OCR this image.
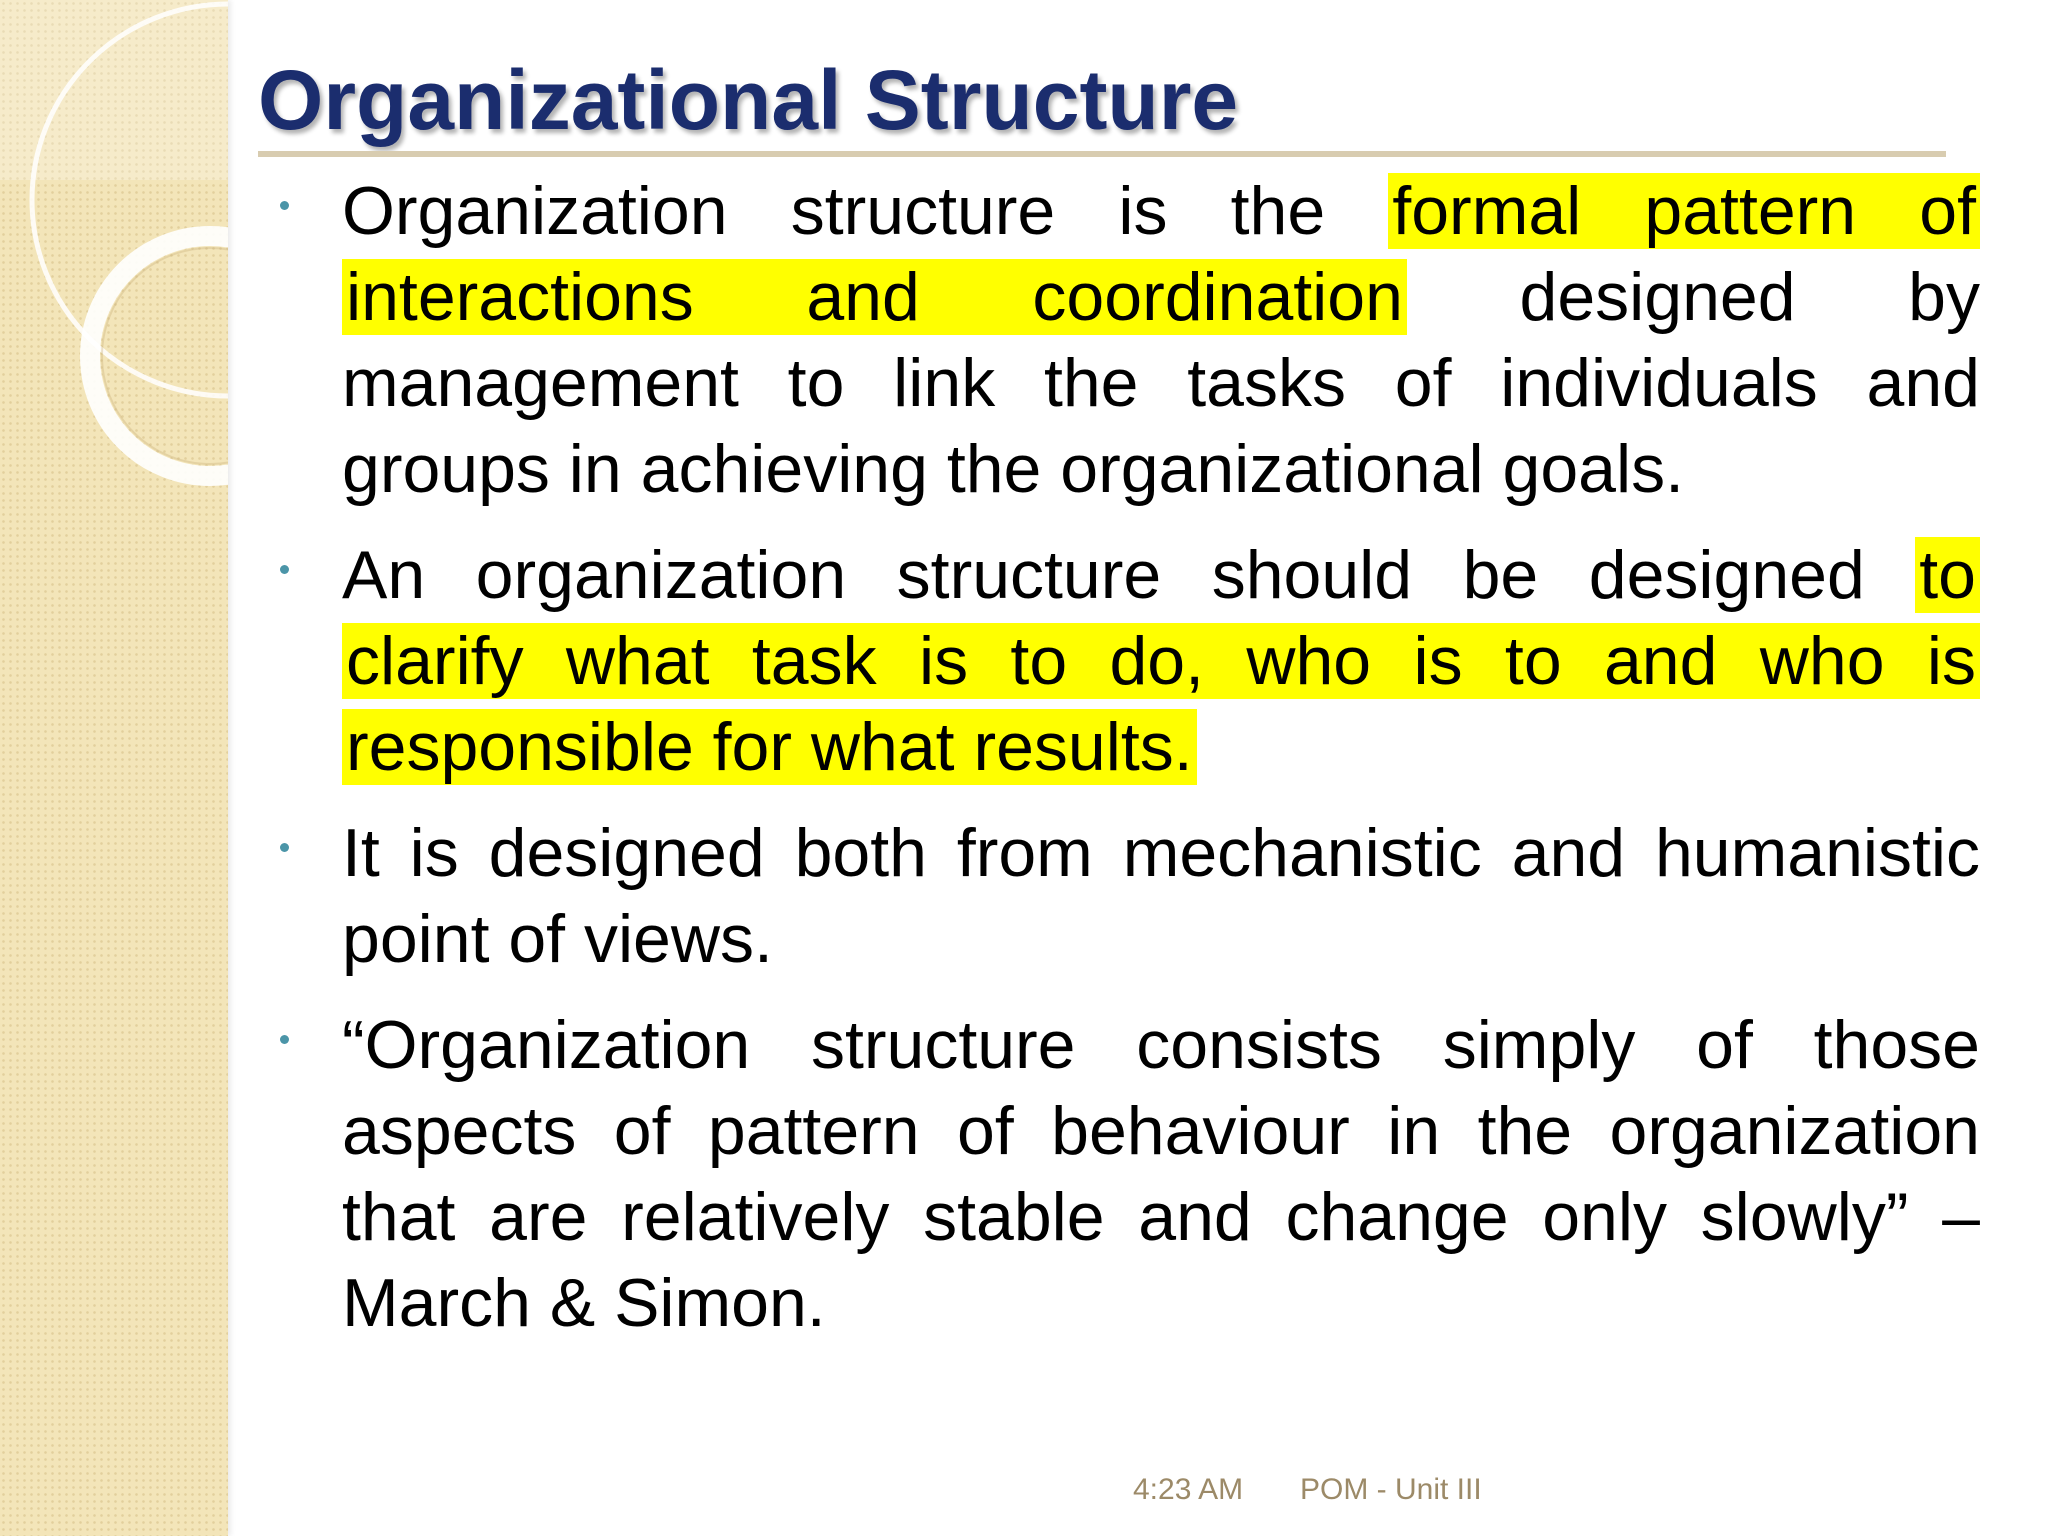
Organizational Structure

Organization structure is the formal pattern of interactions and coordination designed by management to link the tasks of individuals and groups in achieving the organizational goals.

An organization structure should be designed to clarify what task is to do, who is to and who is responsible for what results.

It is designed both from mechanistic and humanistic point of views.

“Organization structure consists simply of those aspects of pattern of behaviour in the organization that are relatively stable and change only slowly” – March & Simon.

4:23 AM POM - Unit III
